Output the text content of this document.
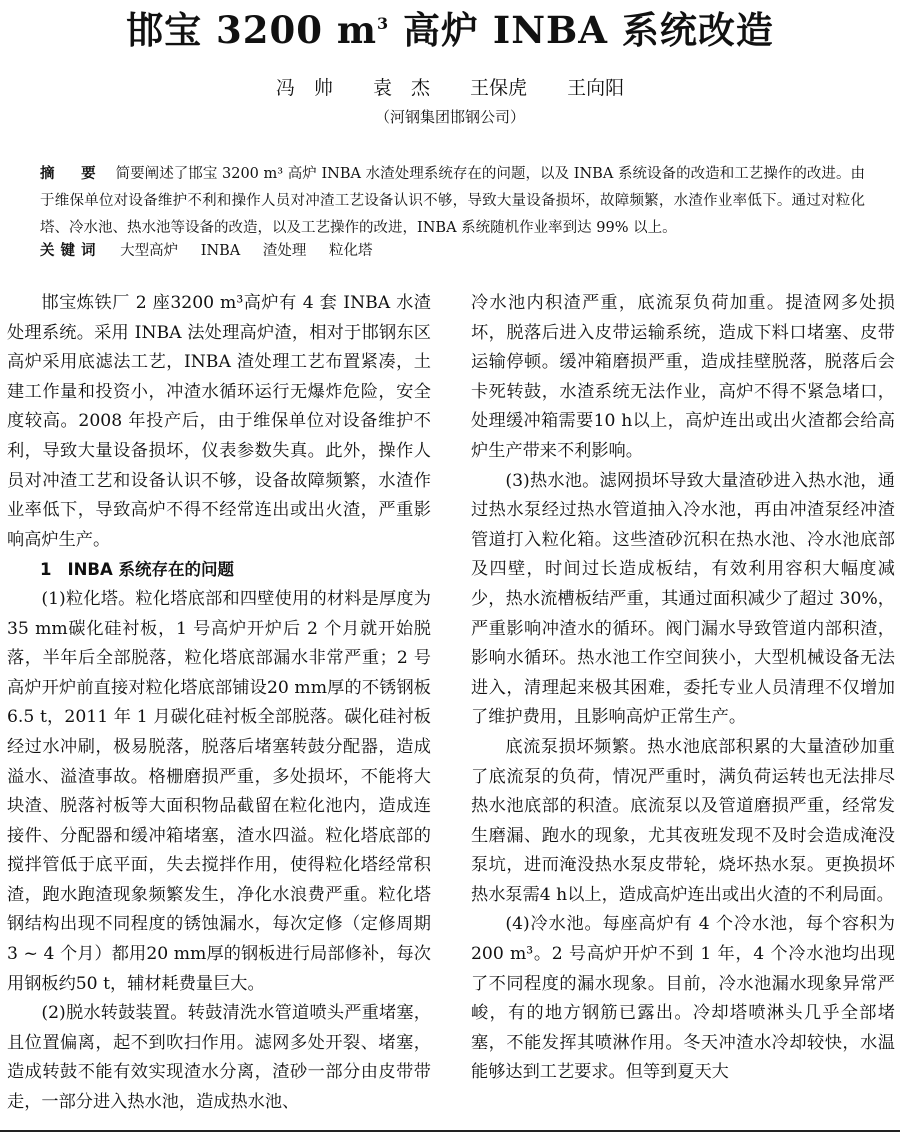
邯宝 3200 $m^3$ 高炉 INBA 系统改造
冯　帅 袁　杰 王保虎 王向阳
（河钢集团邯钢公司）
摘　要 简要阐述了邯宝 3200 m³ 高炉 INBA 水渣处理系统存在的问题，以及 INBA 系统设备的改造和工艺操作的改进。由于维保单位对设备维护不利和操作人员对冲渣工艺设备认识不够，导致大量设备损坏，故障频繁，水渣作业率低下。通过对粒化塔、冷水池、热水池等设备的改造，以及工艺操作的改进，INBA 系统随机作业率到达 99% 以上。
关键词 大型高炉 INBA 渣处理 粒化塔

邯宝炼铁厂 2 座3200 m³高炉有 4 套 INBA 水渣处理系统。采用 INBA 法处理高炉渣，相对于邯钢东区高炉采用底滤法工艺，INBA 渣处理工艺布置紧凑，土建工作量和投资小，冲渣水循环运行无爆炸危险，安全度较高。2008 年投产后，由于维保单位对设备维护不利，导致大量设备损坏，仪表参数失真。此外，操作人员对冲渣工艺和设备认识不够，设备故障频繁，水渣作业率低下，导致高炉不得不经常连出或出火渣，严重影响高炉生产。

1 INBA 系统存在的问题

(1)粒化塔。粒化塔底部和四壁使用的材料是厚度为35 mm碳化硅衬板，1 号高炉开炉后 2 个月就开始脱落，半年后全部脱落，粒化塔底部漏水非常严重；2 号高炉开炉前直接对粒化塔底部铺设20 mm厚的不锈钢板6.5 t，2011 年 1 月碳化硅衬板全部脱落。碳化硅衬板经过水冲刷，极易脱落，脱落后堵塞转鼓分配器，造成溢水、溢渣事故。格栅磨损严重，多处损坏，不能将大块渣、脱落衬板等大面积物品截留在粒化池内，造成连接件、分配器和缓冲箱堵塞，渣水四溢。粒化塔底部的搅拌管低于底平面，失去搅拌作用，使得粒化塔经常积渣，跑水跑渣现象频繁发生，净化水浪费严重。粒化塔钢结构出现不同程度的锈蚀漏水，每次定修（定修周期 3 ~ 4 个月）都用20 mm厚的钢板进行局部修补，每次用钢板约50 t，辅材耗费量巨大。

(2)脱水转鼓装置。转鼓清洗水管道喷头严重堵塞，且位置偏离，起不到吹扫作用。滤网多处开裂、堵塞，造成转鼓不能有效实现渣水分离，渣砂一部分由皮带带走，一部分进入热水池，造成热水池、

冷水池内积渣严重，底流泵负荷加重。提渣网多处损坏，脱落后进入皮带运输系统，造成下料口堵塞、皮带运输停顿。缓冲箱磨损严重，造成挂壁脱落，脱落后会卡死转鼓，水渣系统无法作业，高炉不得不紧急堵口，处理缓冲箱需要10 h以上，高炉连出或出火渣都会给高炉生产带来不利影响。

(3)热水池。滤网损坏导致大量渣砂进入热水池，通过热水泵经过热水管道抽入冷水池，再由冲渣泵经冲渣管道打入粒化箱。这些渣砂沉积在热水池、冷水池底部及四壁，时间过长造成板结，有效利用容积大幅度减少，热水流槽板结严重，其通过面积减少了超过 30%，严重影响冲渣水的循环。阀门漏水导致管道内部积渣，影响水循环。热水池工作空间狭小，大型机械设备无法进入，清理起来极其困难，委托专业人员清理不仅增加了维护费用，且影响高炉正常生产。

底流泵损坏频繁。热水池底部积累的大量渣砂加重了底流泵的负荷，情况严重时，满负荷运转也无法排尽热水池底部的积渣。底流泵以及管道磨损严重，经常发生磨漏、跑水的现象，尤其夜班发现不及时会造成淹没泵坑，进而淹没热水泵皮带轮，烧坏热水泵。更换损坏热水泵需4 h以上，造成高炉连出或出火渣的不利局面。

(4)冷水池。每座高炉有 4 个冷水池，每个容积为 200 m³。2 号高炉开炉不到 1 年，4 个冷水池均出现了不同程度的漏水现象。目前，冷水池漏水现象异常严峻，有的地方钢筋已露出。冷却塔喷淋头几乎全部堵塞，不能发挥其喷淋作用。冬天冲渣水冷却较快，水温能够达到工艺要求。但等到夏天大
